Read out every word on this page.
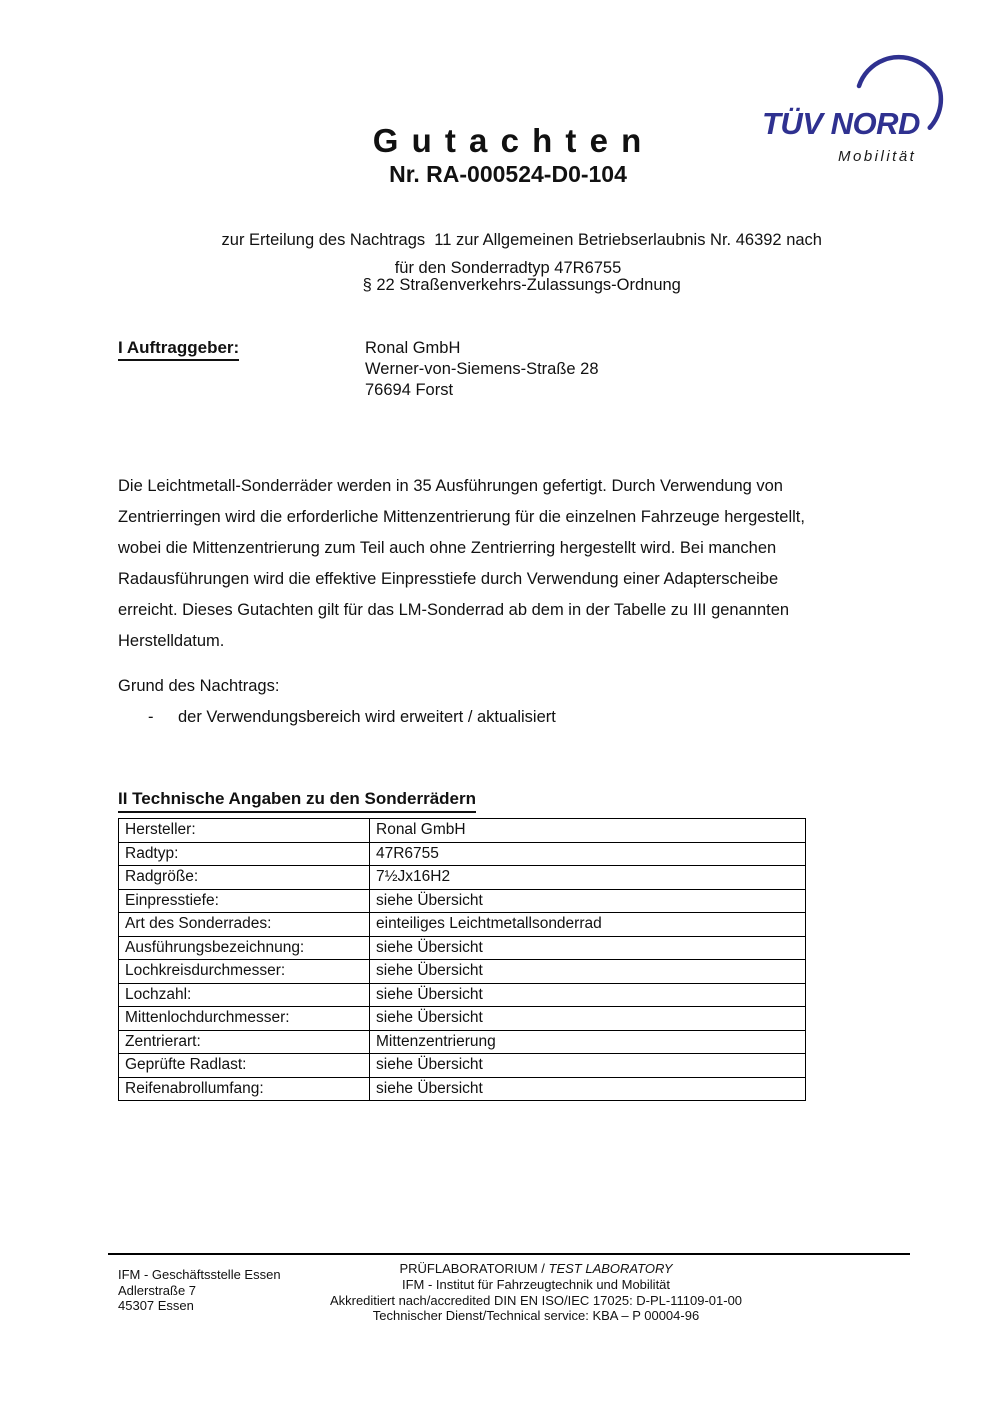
TÜV NORD
Mobilität
G u t a c h t e n
Nr. RA-000524-D0-104

zur Erteilung des Nachtrags  11 zur Allgemeinen Betriebserlaubnis Nr. 46392 nach

§ 22 Straßenverkehrs-Zulassungs-Ordnung

für den Sonderradtyp 47R6755
I Auftraggeber:	Ronal GmbH
Werner-von-Siemens-Straße 28
76694 Forst
Die Leichtmetall-Sonderräder werden in 35 Ausführungen gefertigt. Durch Verwendung von
Zentrierringen wird die erforderliche Mittenzentrierung für die einzelnen Fahrzeuge hergestellt,
wobei die Mittenzentrierung zum Teil auch ohne Zentrierring hergestellt wird. Bei manchen
Radausführungen wird die effektive Einpresstiefe durch Verwendung einer Adapterscheibe
erreicht. Dieses Gutachten gilt für das LM-Sonderrad ab dem in der Tabelle zu III genannten
Herstelldatum.
Grund des Nachtrags:
- der Verwendungsbereich wird erweitert / aktualisiert
II Technische Angaben zu den Sonderrädern
Hersteller:	Ronal GmbH
Radtyp:	47R6755
Radgröße:	7½Jx16H2
Einpresstiefe:	siehe Übersicht
Art des Sonderrades:	einteiliges Leichtmetallsonderrad
Ausführungsbezeichnung:	siehe Übersicht
Lochkreisdurchmesser:	siehe Übersicht
Lochzahl:	siehe Übersicht
Mittenlochdurchmesser:	siehe Übersicht
Zentrierart:	Mittenzentrierung
Geprüfte Radlast:	siehe Übersicht
Reifenabrollumfang:	siehe Übersicht
IFM - Geschäftsstelle Essen
Adlerstraße 7
45307 Essen
PRÜFLABORATORIUM / TEST LABORATORY
IFM - Institut für Fahrzeugtechnik und Mobilität
Akkreditiert nach/accredited DIN EN ISO/IEC 17025: D-PL-11109-01-00
Technischer Dienst/Technical service: KBA – P 00004-96
